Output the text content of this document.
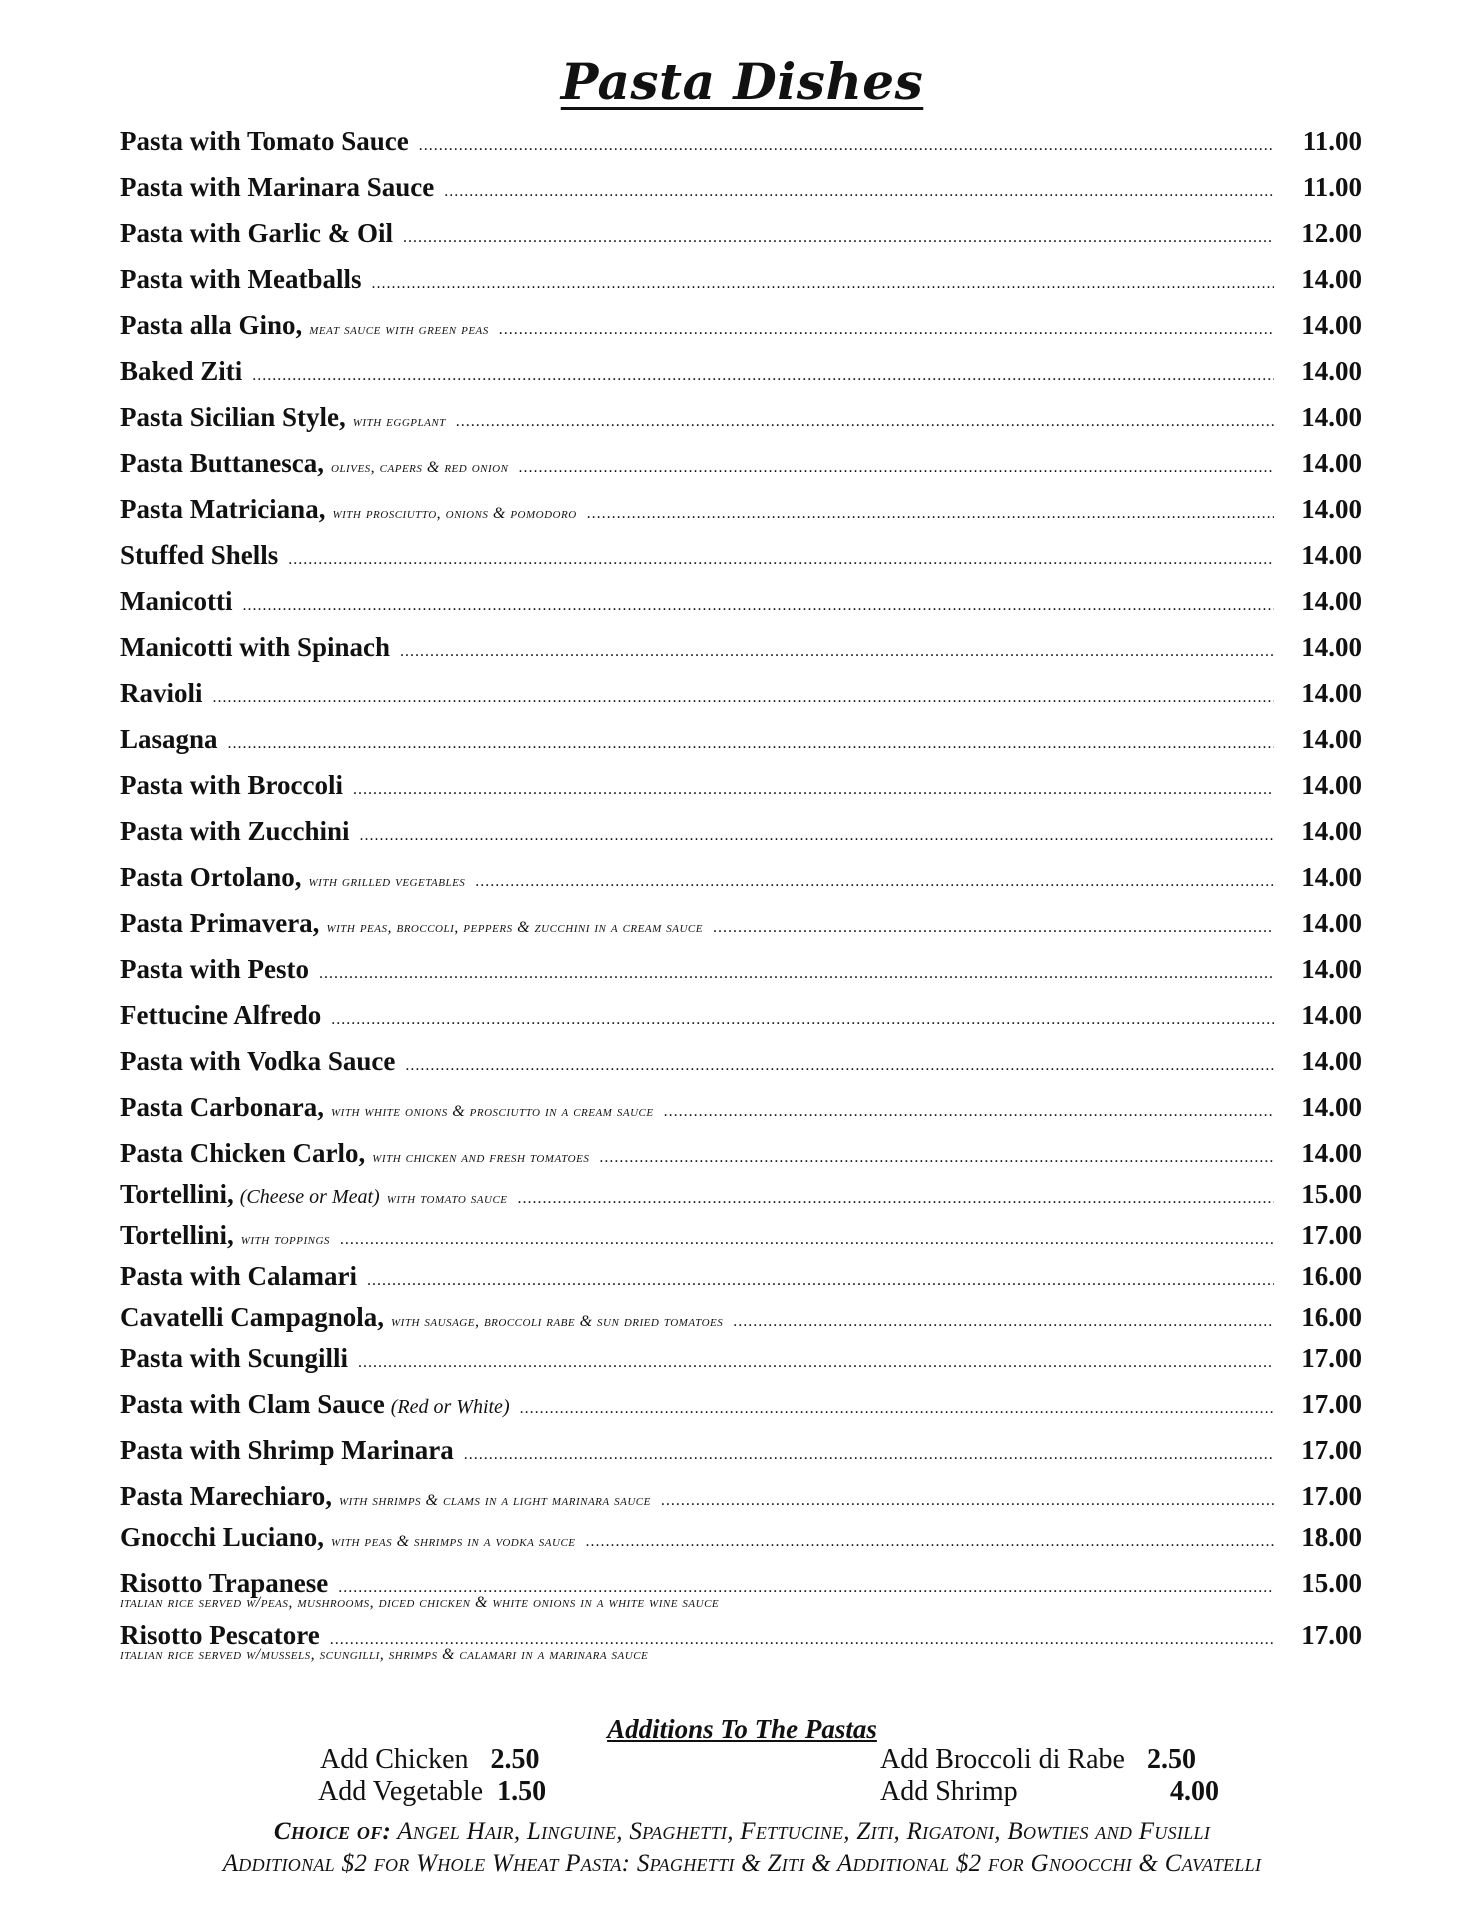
Pasta Dishes
Pasta with Tomato Sauce .....	11.00
Pasta with Marinara Sauce .....	11.00
Pasta with Garlic & Oil .....	12.00
Pasta with Meatballs .....	14.00
Pasta alla Gino, meat sauce with green peas .....	14.00
Baked Ziti .....	14.00
Pasta Sicilian Style, with eggplant .....	14.00
Pasta Buttanesca, olives, capers & red onion .....	14.00
Pasta Matriciana, with prosciutto, onions & pomodoro .....	14.00
Stuffed Shells .....	14.00
Manicotti .....	14.00
Manicotti with Spinach .....	14.00
Ravioli .....	14.00
Lasagna .....	14.00
Pasta with Broccoli .....	14.00
Pasta with Zucchini .....	14.00
Pasta Ortolano, with grilled vegetables .....	14.00
Pasta Primavera, with peas, broccoli, peppers & zucchini in a cream sauce .....	14.00
Pasta with Pesto .....	14.00
Fettucine Alfredo .....	14.00
Pasta with Vodka Sauce .....	14.00
Pasta Carbonara, with white onions & prosciutto in a cream sauce .....	14.00
Pasta Chicken Carlo, with chicken and fresh tomatoes .....	14.00
Tortellini, (Cheese or Meat) with tomato sauce .....	15.00
Tortellini, with toppings .....	17.00
Pasta with Calamari .....	16.00
Cavatelli Campagnola, with sausage, broccoli rabe & sun dried tomatoes .....	16.00
Pasta with Scungilli .....	17.00
Pasta with Clam Sauce (Red or White) .....	17.00
Pasta with Shrimp Marinara .....	17.00
Pasta Marechiaro, with shrimps & clams in a light marinara sauce .....	17.00
Gnocchi Luciano, with peas & shrimps in a vodka sauce .....	18.00
Risotto Trapanese .....	15.00
italian rice served w/peas, mushrooms, diced chicken & white onions in a white wine sauce
Risotto Pescatore .....	17.00
italian rice served w/mussels, scungilli, shrimps & calamari in a marinara sauce
Additions To The Pastas
Add Chicken 2.50	Add Broccoli di Rabe 2.50
Add Vegetable 1.50	Add Shrimp	4.00
Choice of: Angel Hair, Linguine, Spaghetti, Fettucine, Ziti, Rigatoni, Bowties and Fusilli
Additional $2 for Whole Wheat Pasta: Spaghetti & Ziti & Additional $2 for Gnoocchi & Cavatelli
